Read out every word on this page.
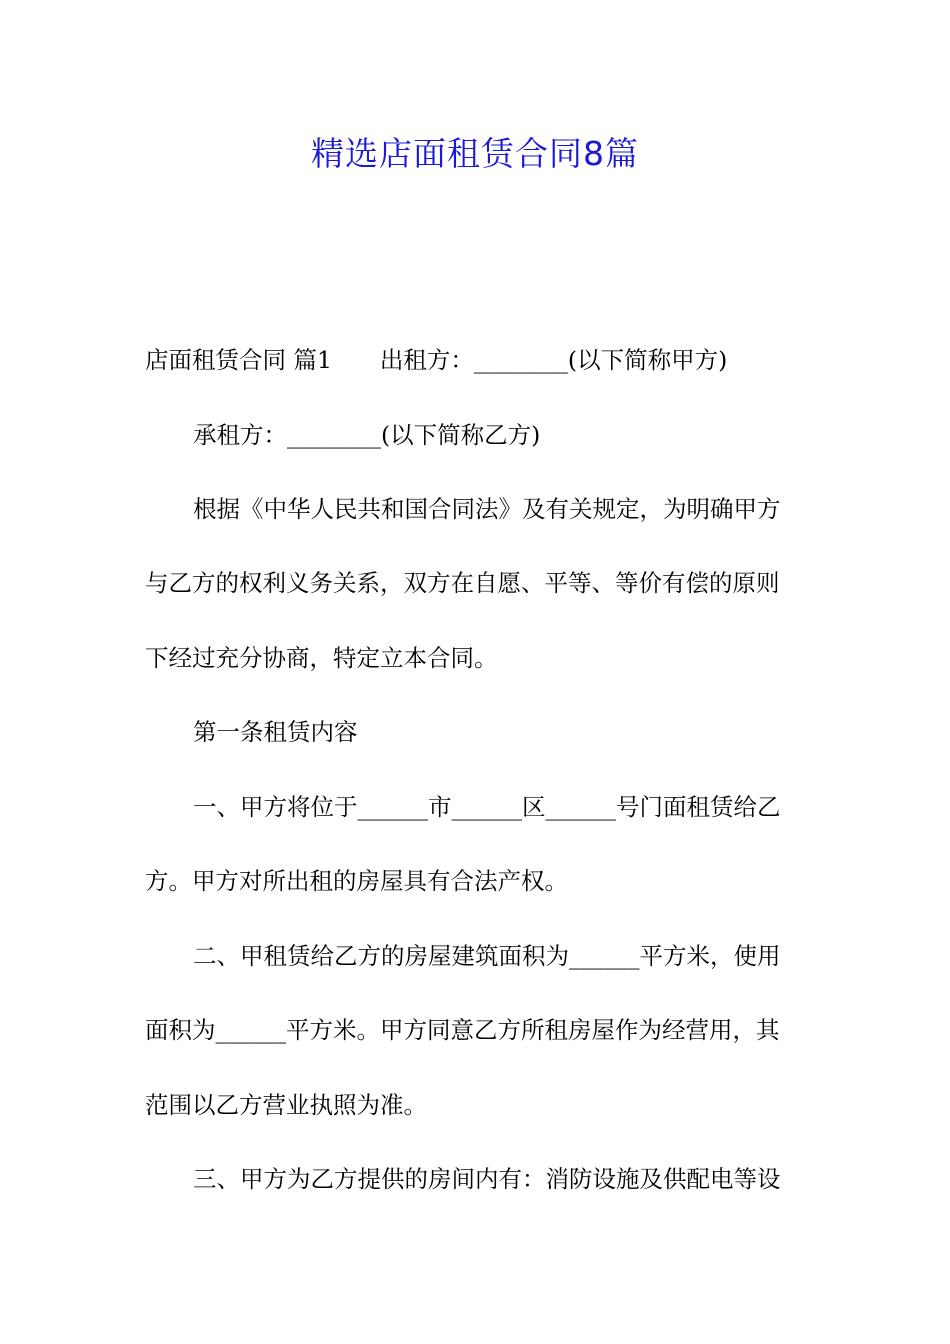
精选店面租赁合同8篇

店面租赁合同 篇1 出租方：________(以下简称甲方)

承租方：________(以下简称乙方)

根据《中华人民共和国合同法》及有关规定，为明确甲方

与乙方的权利义务关系，双方在自愿、平等、等价有偿的原则

下经过充分协商，特定立本合同。

第一条租赁内容

一、甲方将位于______市______区______号门面租赁给乙

方。甲方对所出租的房屋具有合法产权。

二、甲租赁给乙方的房屋建筑面积为______平方米，使用

面积为______平方米。甲方同意乙方所租房屋作为经营用，其

范围以乙方营业执照为准。

三、甲方为乙方提供的房间内有：消防设施及供配电等设
